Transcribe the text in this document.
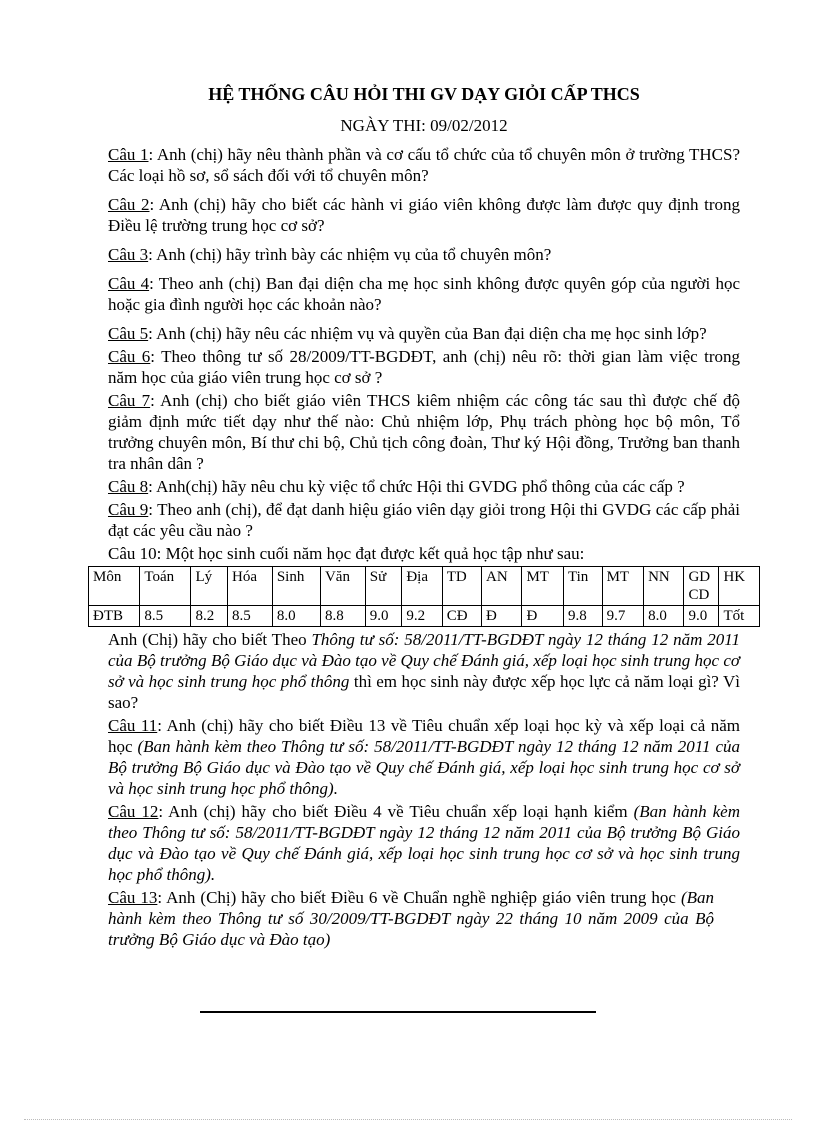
HỆ THỐNG CÂU HỎI THI GV DẠY GIỎI CẤP THCS
NGÀY THI: 09/02/2012

Câu 1: Anh (chị) hãy nêu thành phần và cơ cấu tổ chức của tổ chuyên môn ở trường THCS? Các loại hồ sơ, sổ sách đối với tổ chuyên môn?

Câu 2: Anh (chị) hãy cho biết các hành vi giáo viên không được làm được quy định trong Điều lệ trường trung học cơ sở?

Câu 3: Anh (chị) hãy trình bày các nhiệm vụ của tổ chuyên môn?

Câu 4: Theo anh (chị) Ban đại diện cha mẹ học sinh không được quyên góp của người học hoặc gia đình người học các khoản nào?

Câu 5: Anh (chị) hãy nêu các nhiệm vụ và quyền của Ban đại diện cha mẹ học sinh lớp?

Câu 6: Theo thông tư số 28/2009/TT-BGDĐT, anh (chị) nêu rõ: thời gian làm việc trong năm học của giáo viên trung học cơ sở ?

Câu 7: Anh (chị) cho biết giáo viên THCS kiêm nhiệm các công tác sau thì được chế độ giảm định mức tiết dạy như thế nào: Chủ nhiệm lớp, Phụ trách phòng học bộ môn, Tổ trưởng chuyên môn, Bí thư chi bộ, Chủ tịch công đoàn, Thư ký Hội đồng, Trưởng ban thanh tra nhân dân ?

Câu 8: Anh(chị) hãy nêu chu kỳ việc tổ chức Hội thi GVDG phổ thông của các cấp ?

Câu 9: Theo anh (chị), để đạt danh hiệu giáo viên dạy giỏi trong Hội thi GVDG các cấp phải đạt các yêu cầu nào ?

Câu 10: Một học sinh cuối năm học đạt được kết quả học tập như sau:

Môn	Toán	Lý	Hóa	Sinh	Văn	Sử	Địa	TD	AN	MT	Tin	MT	NN	GD CD	HK
ĐTB	8.5	8.2	8.5	8.0	8.8	9.0	9.2	CĐ	Đ	Đ	9.8	9.7	8.0	9.0	Tốt

Anh (Chị) hãy cho biết Theo Thông tư số: 58/2011/TT-BGDĐT ngày 12 tháng 12 năm 2011 của Bộ trưởng Bộ Giáo dục và Đào tạo về Quy chế Đánh giá, xếp loại học sinh trung học cơ sở và học sinh trung học phổ thông thì em học sinh này được xếp học lực cả năm loại gì? Vì sao?

Câu 11: Anh (chị) hãy cho biết Điều 13 về Tiêu chuẩn xếp loại học kỳ và xếp loại cả năm học (Ban hành kèm theo Thông tư số: 58/2011/TT-BGDĐT ngày 12 tháng 12 năm 2011 của Bộ trưởng Bộ Giáo dục và Đào tạo về Quy chế Đánh giá, xếp loại học sinh trung học cơ sở và học sinh trung học phổ thông).

Câu 12: Anh (chị) hãy cho biết Điều 4 về Tiêu chuẩn xếp loại hạnh kiểm (Ban hành kèm theo Thông tư số: 58/2011/TT-BGDĐT ngày 12 tháng 12 năm 2011 của Bộ trưởng Bộ Giáo dục và Đào tạo về Quy chế Đánh giá, xếp loại học sinh trung học cơ sở và học sinh trung học phổ thông).

Câu 13: Anh (Chị) hãy cho biết Điều 6 về Chuẩn nghề nghiệp giáo viên trung học (Ban hành kèm theo Thông tư số 30/2009/TT-BGDĐT ngày 22 tháng 10 năm 2009 của Bộ trưởng Bộ Giáo dục và Đào tạo)
